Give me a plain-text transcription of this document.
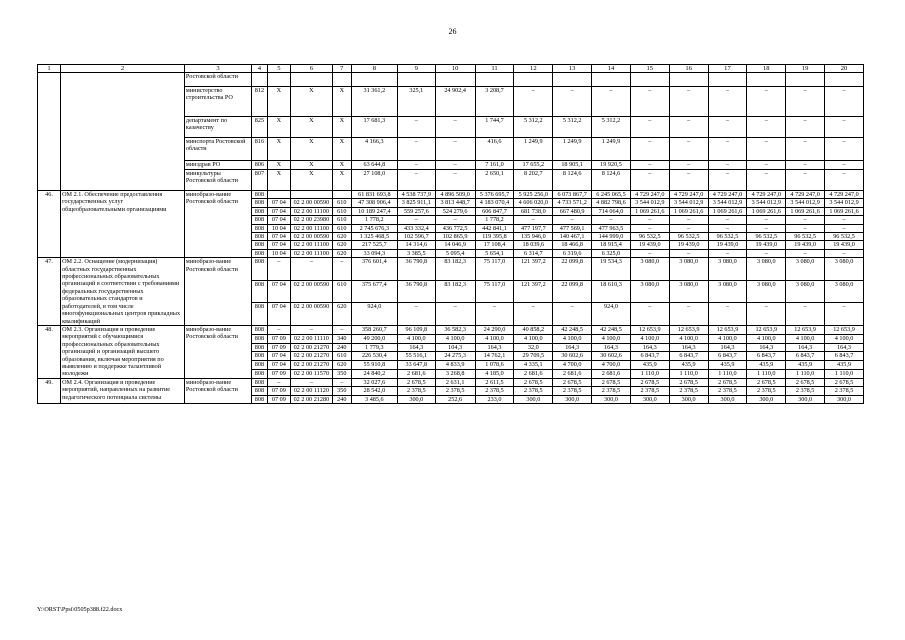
26
1	2	3	4	5	6	7	8	9	10	11	12	13	14	15	16	17	18	19	20
		Ростовской области																	
		министерство строительства РО	812	X	X	X	31 361,2	325,1	24 902,4	3 208,7	–	–	–	–	–	–	–	–	–
		департамент по казачеству	825	X	X	X	17 681,3	–	–	1 744,7	5 312,2	5 312,2	5 312,2	–	–	–	–	–	–
		минспорта Ростовской области	816	X	X	X	4 166,3	–	–	416,6	1 249,9	1 249,9	1 249,9	–	–	–	–	–	–
		минздрав РО	806	X	X	X	63 644,8	–	–	7 161,0	17 655,2	18 905,1	19 920,5	–	–	–	–	–	–
		минкультуры Ростовской области	807	X	X	X	27 108,0	–	–	2 650,1	8 202,7	8 124,6	8 124,6	–	–	–	–	–	–
46.	ОМ 2.1. Обеспечение предоставления государственных услуг общеобразовательными организациями	минобразо-вание Ростовской области	808				61 831 693,8	4 538 737,9	4 896 509,0	5 376 695,7	5 925 256,0	6 073 867,7	6 245 065,5	4 729 247,0	4 729 247,0	4 729 247,0	4 729 247,0	4 729 247,0	4 729 247,0
			808	07 04	02 2 00 00590	610	47 308 906,4	3 825 911,1	3 813 448,7	4 183 070,4	4 606 020,0	4 733 571,2	4 882 798,6	3 544 012,9	3 544 012,9	3 544 012,9	3 544 012,9	3 544 012,9	3 544 012,9
			808	07 04	02 2 00 11100	610	10 189 247,4	559 257,6	524 279,6	606 847,7	681 738,0	667 480,9	714 064,0	1 069 261,6	1 069 261,6	1 069 261,6	1 069 261,6	1 069 261,6	1 069 261,6
			808	07 04	02 2 00 23980	610	1 778,2	–	–	1 778,2	–	–	–	–	–	–	–	–	–
			808	10 04	02 2 00 11100	610	2 745 676,3	433 332,4	436 772,5	442 841,1	477 197,7	477 569,1	477 963,5	–	–	–	–	–	–
			808	07 04	02 2 00 00590	620	1 325 468,5	102 596,7	102 865,9	119 395,8	135 946,0	140 467,1	144 999,0	96 532,5	96 532,5	96 532,5	96 532,5	96 532,5	96 532,5
			808	07 04	02 2 00 11100	620	217 525,7	14 314,6	14 046,9	17 108,4	18 039,6	18 466,8	18 915,4	19 439,0	19 439,0	19 439,0	19 439,0	19 439,0	19 439,0
			808	10 04	02 2 00 11100	620	33 094,3	3 385,5	5 095,4	5 654,1	6 314,7	6 319,6	6 325,0	–	–	–	–	–	–
47.	ОМ 2.2. Оснащение (модернизация) областных государственных профессиональных образовательных организаций в соответствии с требованиями федеральных государственных образовательных стандартов и работодателей, в том числе многофункциональных центров прикладных квалификаций	минобразо-вание Ростовской области	808	–	–	–	376 601,4	36 790,8	83 182,3	75 117,0	121 397,2	22 099,8	19 534,3	3 080,0	3 080,0	3 080,0	3 080,0	3 080,0	3 080,0
			808	07 04	02 2 00 00590	610	375 677,4	36 790,8	83 182,3	75 117,0	121 397,2	22 099,8	18 610,3	3 080,0	3 080,0	3 080,0	3 080,0	3 080,0	3 080,0
			808	07 04	02 2 00 00590	620	924,0	–	–	–	–	–	924,0	–	–	–	–	–	–
48.	ОМ 2.3. Организация и проведение мероприятий с обучающимися профессиональных образовательных организаций и организаций высшего образования, включая мероприятия по выявлению и поддержке талантливой молодежи	минобразо-вание Ростовской области	808	–	–	–	358 260,7	96 109,8	36 582,3	24 290,0	40 858,2	42 248,5	42 248,5	12 653,9	12 653,9	12 653,9	12 653,9	12 653,9	12 653,9
			808	07 09	02 2 00 11110	340	49 200,0	4 100,0	4 100,0	4 100,0	4 100,0	4 100,0	4 100,0	4 100,0	4 100,0	4 100,0	4 100,0	4 100,0	4 100,0
			808	07 09	02 2 00 21270	240	1 779,3	164,3	104,3	164,3	32,0	164,3	164,3	164,3	164,3	164,3	164,3	164,3	164,3
			808	07 04	02 2 00 21270	610	226 530,4	55 516,1	24 275,3	14 762,1	29 709,5	30 602,6	30 602,6	6 843,7	6 843,7	6 843,7	6 843,7	6 843,7	6 843,7
			808	07 04	02 2 00 21270	620	55 910,8	33 647,8	4 833,9	1 078,6	4 335,1	4 700,0	4 700,0	435,9	435,9	435,9	435,9	435,9	435,9
			808	07 09	02 2 00 11570	350	24 840,2	2 681,6	3 268,8	4 185,0	2 681,6	2 681,6	2 681,6	1 110,0	1 110,0	1 110,0	1 110,0	1 110,0	1 110,0
49.	ОМ 2.4. Организация и проведение мероприятий, направленных на развитие педагогического потенциала системы	минобразо-вание Ростовской области	808	–	–	–	32 027,6	2 678,5	2 631,1	2 611,5	2 678,5	2 678,5	2 678,5	2 678,5	2 678,5	2 678,5	2 678,5	2 678,5	2 678,5
			808	07 09	02 2 00 11120	350	28 542,0	2 378,5	2 378,5	2 378,5	2 378,5	2 378,5	2 378,5	2 378,5	2 378,5	2 378,5	2 378,5	2 378,5	2 378,5
			808	07 09	02 2 00 21280	240	3 485,6	300,0	252,6	233,0	300,0	300,0	300,0	300,0	300,0	300,0	300,0	300,0	300,0
Y:\ORST\Ppsi\0505p388.f22.docx
